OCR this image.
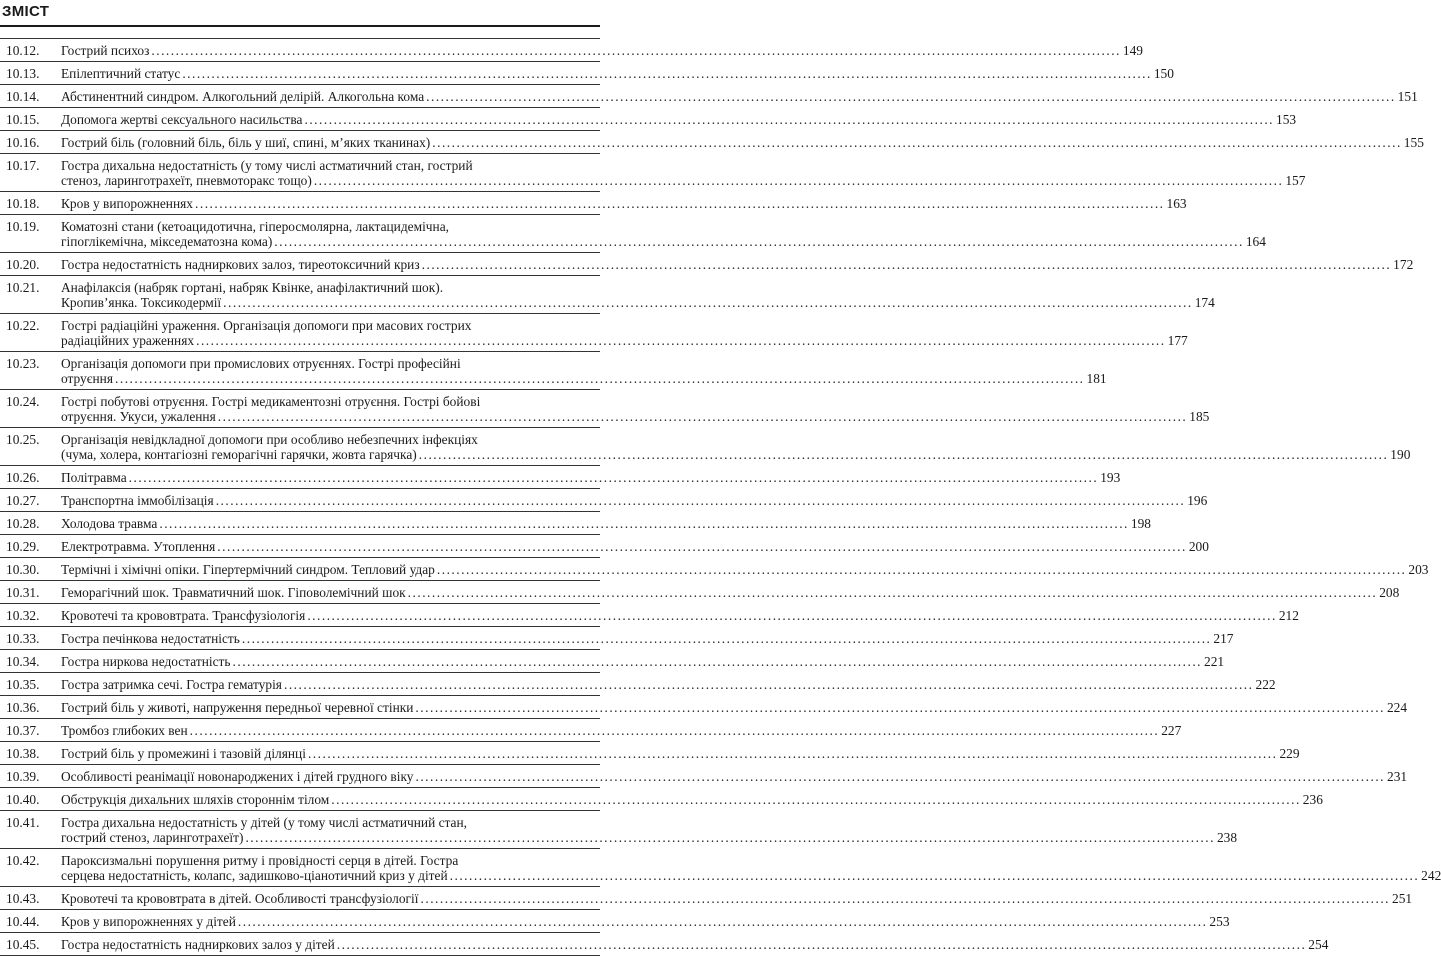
ЗМІСТ
10.12.	Гострий психоз ........................................................................................................................................................................................................ 149
10.13.	Епілептичний статус ........................................................................................................................................................................................................ 150
10.14.	Абстинентний синдром. Алкогольний делірій. Алкогольна кома ........................................................................................................................................................................................................ 151
10.15.	Допомога жертві сексуального насильства ........................................................................................................................................................................................................ 153
10.16.	Гострий біль (головний біль, біль у шиї, спині, м’яких тканинах) ........................................................................................................................................................................................................ 155
10.17.	Гостра дихальна недостатність (у тому числі астматичний стан, гострий
стеноз, ларинготрахеїт, пневмоторакс тощо) ........................................................................................................................................................................................................ 157
10.18.	Кров у випорожненнях ........................................................................................................................................................................................................ 163
10.19.	Коматозні стани (кетоацидотична, гіперосмолярна, лактацидемічна,
гіпоглікемічна, мікседематозна кома) ........................................................................................................................................................................................................ 164
10.20.	Гостра недостатність надниркових залоз, тиреотоксичний криз ........................................................................................................................................................................................................ 172
10.21.	Анафілаксія (набряк гортані, набряк Квінке, анафілактичний шок).
Кропив’янка. Токсикодермії ........................................................................................................................................................................................................ 174
10.22.	Гострі радіаційні ураження. Організація допомоги при масових гострих
радіаційних ураженнях ........................................................................................................................................................................................................ 177
10.23.	Організація допомоги при промислових отруєннях. Гострі професійні
отруєння ........................................................................................................................................................................................................ 181
10.24.	Гострі побутові отруєння. Гострі медикаментозні отруєння. Гострі бойові
отруєння. Укуси, ужалення ........................................................................................................................................................................................................ 185
10.25.	Організація невідкладної допомоги при особливо небезпечних інфекціях
(чума, холера, контагіозні геморагічні гарячки, жовта гарячка) ........................................................................................................................................................................................................ 190
10.26.	Політравма ........................................................................................................................................................................................................ 193
10.27.	Транспортна іммобілізація ........................................................................................................................................................................................................ 196
10.28.	Холодова травма ........................................................................................................................................................................................................ 198
10.29.	Електротравма. Утоплення ........................................................................................................................................................................................................ 200
10.30.	Термічні і хімічні опіки. Гіпертермічний синдром. Тепловий удар ........................................................................................................................................................................................................ 203
10.31.	Геморагічний шок. Травматичний шок. Гіповолемічний шок ........................................................................................................................................................................................................ 208
10.32.	Кровотечі та крововтрата. Трансфузіологія ........................................................................................................................................................................................................ 212
10.33.	Гостра печінкова недостатність ........................................................................................................................................................................................................ 217
10.34.	Гостра ниркова недостатність ........................................................................................................................................................................................................ 221
10.35.	Гостра затримка сечі. Гостра гематурія ........................................................................................................................................................................................................ 222
10.36.	Гострий біль у животі, напруження передньої черевної стінки ........................................................................................................................................................................................................ 224
10.37.	Тромбоз глибоких вен ........................................................................................................................................................................................................ 227
10.38.	Гострий біль у промежині і тазовій ділянці ........................................................................................................................................................................................................ 229
10.39.	Особливості реанімації новонароджених і дітей грудного віку ........................................................................................................................................................................................................ 231
10.40.	Обструкція дихальних шляхів стороннім тілом ........................................................................................................................................................................................................ 236
10.41.	Гостра дихальна недостатність у дітей (у тому числі астматичний стан,
гострий стеноз, ларинготрахеїт) ........................................................................................................................................................................................................ 238
10.42.	Пароксизмальні порушення ритму і провідності серця в дітей. Гостра
серцева недостатність, колапс, задишково-ціанотичний криз у дітей ........................................................................................................................................................................................................ 242
10.43.	Кровотечі та крововтрата в дітей. Особливості трансфузіології ........................................................................................................................................................................................................ 251
10.44.	Кров у випорожненнях у дітей ........................................................................................................................................................................................................ 253
10.45.	Гостра недостатність надниркових залоз у дітей ........................................................................................................................................................................................................ 254
